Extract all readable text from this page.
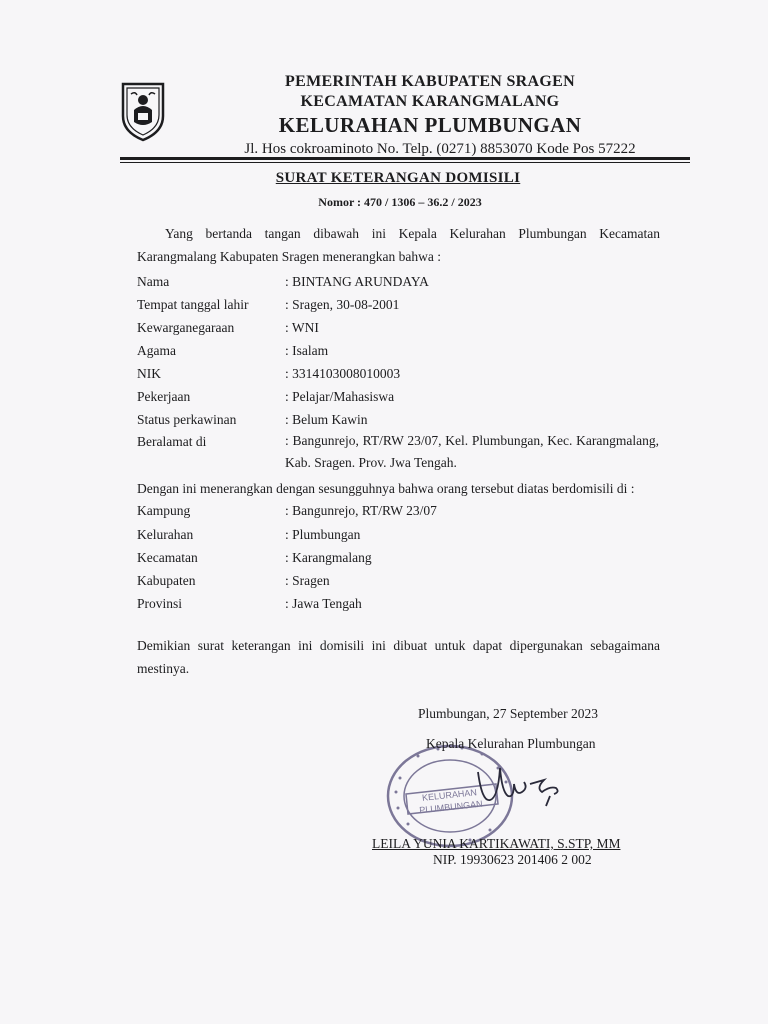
PEMERINTAH KABUPATEN SRAGEN
KECAMATAN KARANGMALANG
KELURAHAN PLUMBUNGAN
Jl. Hos cokroaminoto No. Telp. (0271) 8853070 Kode Pos 57222
SURAT KETERANGAN DOMISILI
Nomor : 470 / 1306 – 36.2 / 2023
Yang bertanda tangan dibawah ini Kepala Kelurahan Plumbungan Kecamatan Karangmalang Kabupaten Sragen menerangkan bahwa :
Nama	: BINTANG ARUNDAYA
Tempat tanggal lahir	: Sragen, 30-08-2001
Kewarganegaraan	: WNI
Agama	: Isalam
NIK	: 3314103008010003
Pekerjaan	: Pelajar/Mahasiswa
Status perkawinan	: Belum Kawin
Beralamat di	: Bangunrejo, RT/RW 23/07, Kel. Plumbungan, Kec. Karangmalang, Kab. Sragen. Prov. Jwa Tengah.
Dengan ini menerangkan dengan sesungguhnya bahwa orang tersebut diatas berdomisili di :
Kampung	: Bangunrejo, RT/RW 23/07
Kelurahan	: Plumbungan
Kecamatan	: Karangmalang
Kabupaten	: Sragen
Provinsi	: Jawa Tengah
Demikian surat keterangan ini domisili ini dibuat untuk dapat dipergunakan sebagaimana mestinya.
Plumbungan, 27 September 2023
KELURAHAN
PLUMBUNGAN
Kepala Kelurahan Plumbungan
LEILA YUNIA KARTIKAWATI, S.STP, MM
NIP. 19930623 201406 2 002
